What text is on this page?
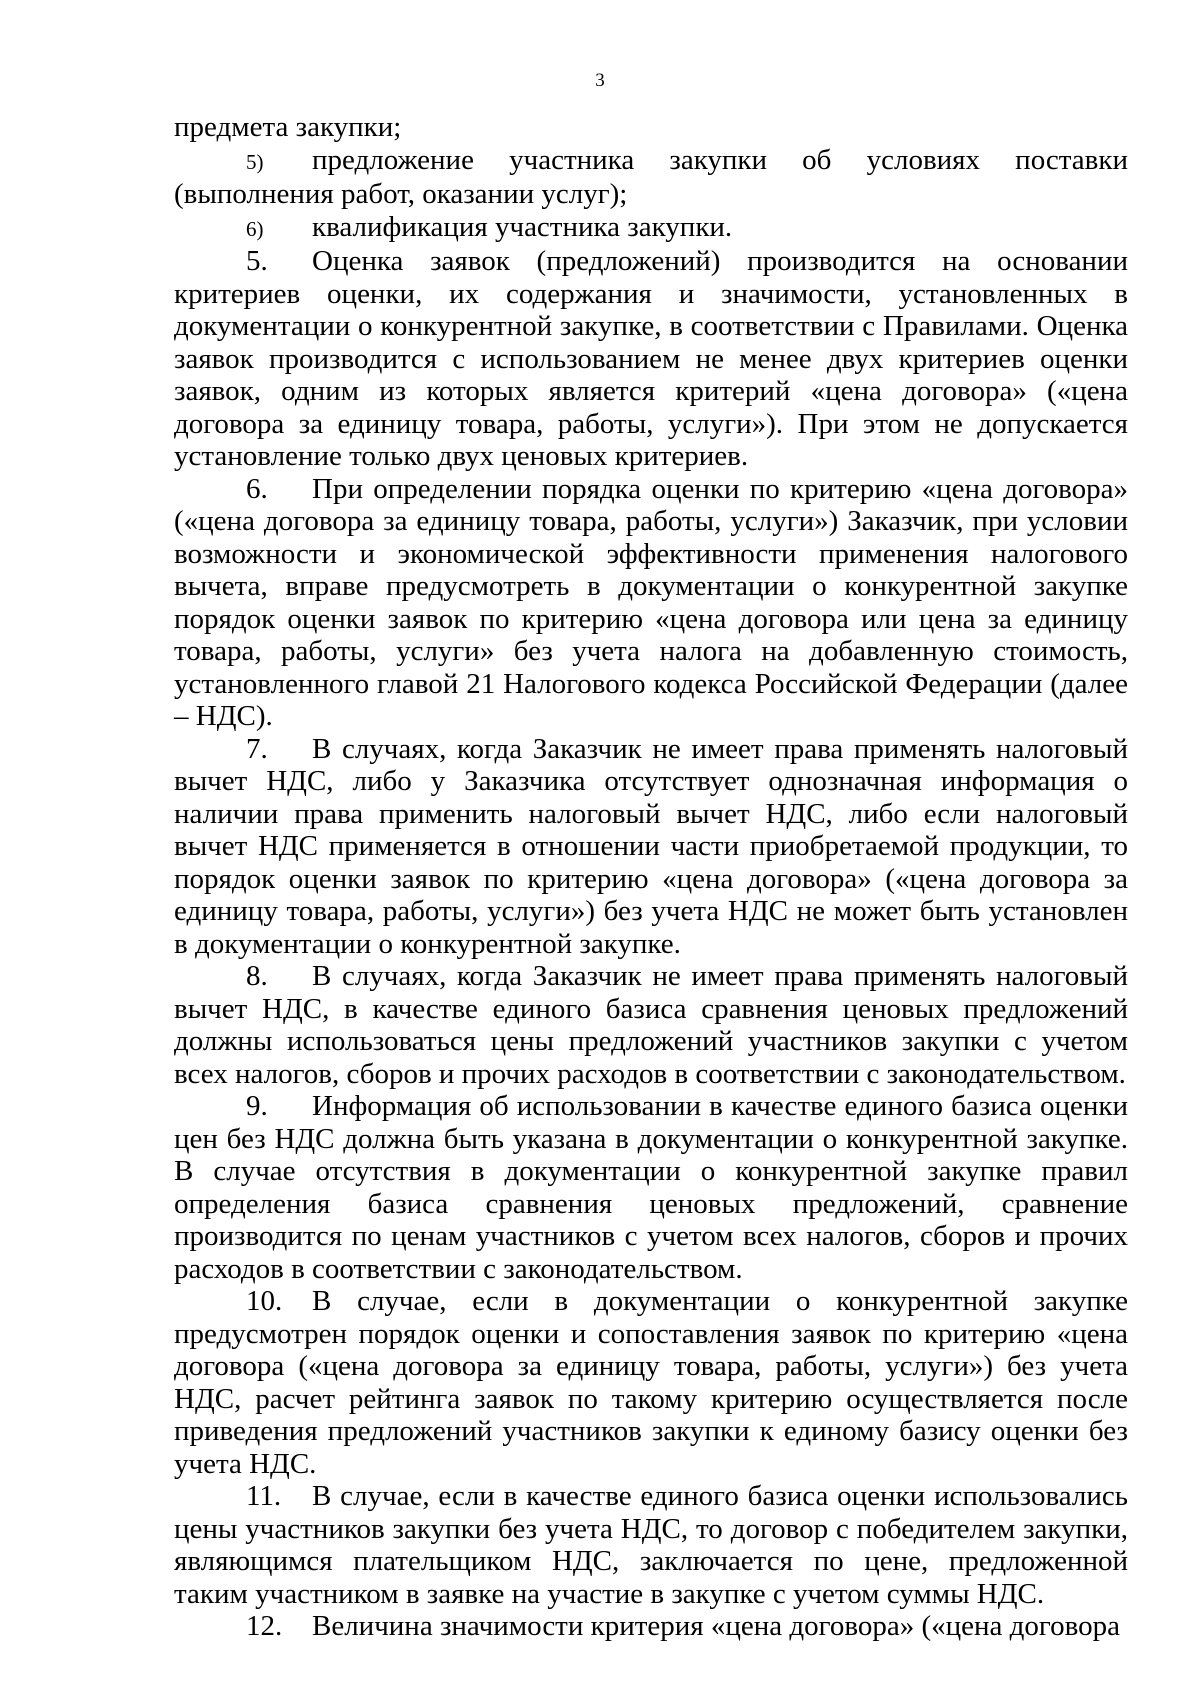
3

предмета закупки;

5) предложение участника закупки об условиях поставки (выполнения работ, оказании услуг);

6) квалификация участника закупки.

5. Оценка заявок (предложений) производится на основании критериев оценки, их содержания и значимости, установленных в документации о конкурентной закупке, в соответствии с Правилами. Оценка заявок производится с использованием не менее двух критериев оценки заявок, одним из которых является критерий «цена договора» («цена договора за единицу товара, работы, услуги»). При этом не допускается установление только двух ценовых критериев.

6. При определении порядка оценки по критерию «цена договора» («цена договора за единицу товара, работы, услуги») Заказчик, при условии возможности и экономической эффективности применения налогового вычета, вправе предусмотреть в документации о конкурентной закупке порядок оценки заявок по критерию «цена договора или цена за единицу товара, работы, услуги» без учета налога на добавленную стоимость, установленного главой 21 Налогового кодекса Российской Федерации (далее – НДС).

7. В случаях, когда Заказчик не имеет права применять налоговый вычет НДС, либо у Заказчика отсутствует однозначная информация о наличии права применить налоговый вычет НДС, либо если налоговый вычет НДС применяется в отношении части приобретаемой продукции, то порядок оценки заявок по критерию «цена договора» («цена договора за единицу товара, работы, услуги») без учета НДС не может быть установлен в документации о конкурентной закупке.

8. В случаях, когда Заказчик не имеет права применять налоговый вычет НДС, в качестве единого базиса сравнения ценовых предложений должны использоваться цены предложений участников закупки с учетом всех налогов, сборов и прочих расходов в соответствии с законодательством.

9. Информация об использовании в качестве единого базиса оценки цен без НДС должна быть указана в документации о конкурентной закупке. В случае отсутствия в документации о конкурентной закупке правил определения базиса сравнения ценовых предложений, сравнение производится по ценам участников с учетом всех налогов, сборов и прочих расходов в соответствии с законодательством.

10. В случае, если в документации о конкурентной закупке предусмотрен порядок оценки и сопоставления заявок по критерию «цена договора («цена договора за единицу товара, работы, услуги») без учета НДС, расчет рейтинга заявок по такому критерию осуществляется после приведения предложений участников закупки к единому базису оценки без учета НДС.

11. В случае, если в качестве единого базиса оценки использовались цены участников закупки без учета НДС, то договор с победителем закупки, являющимся плательщиком НДС, заключается по цене, предложенной таким участником в заявке на участие в закупке с учетом суммы НДС.

12. Величина значимости критерия «цена договора» («цена договора
